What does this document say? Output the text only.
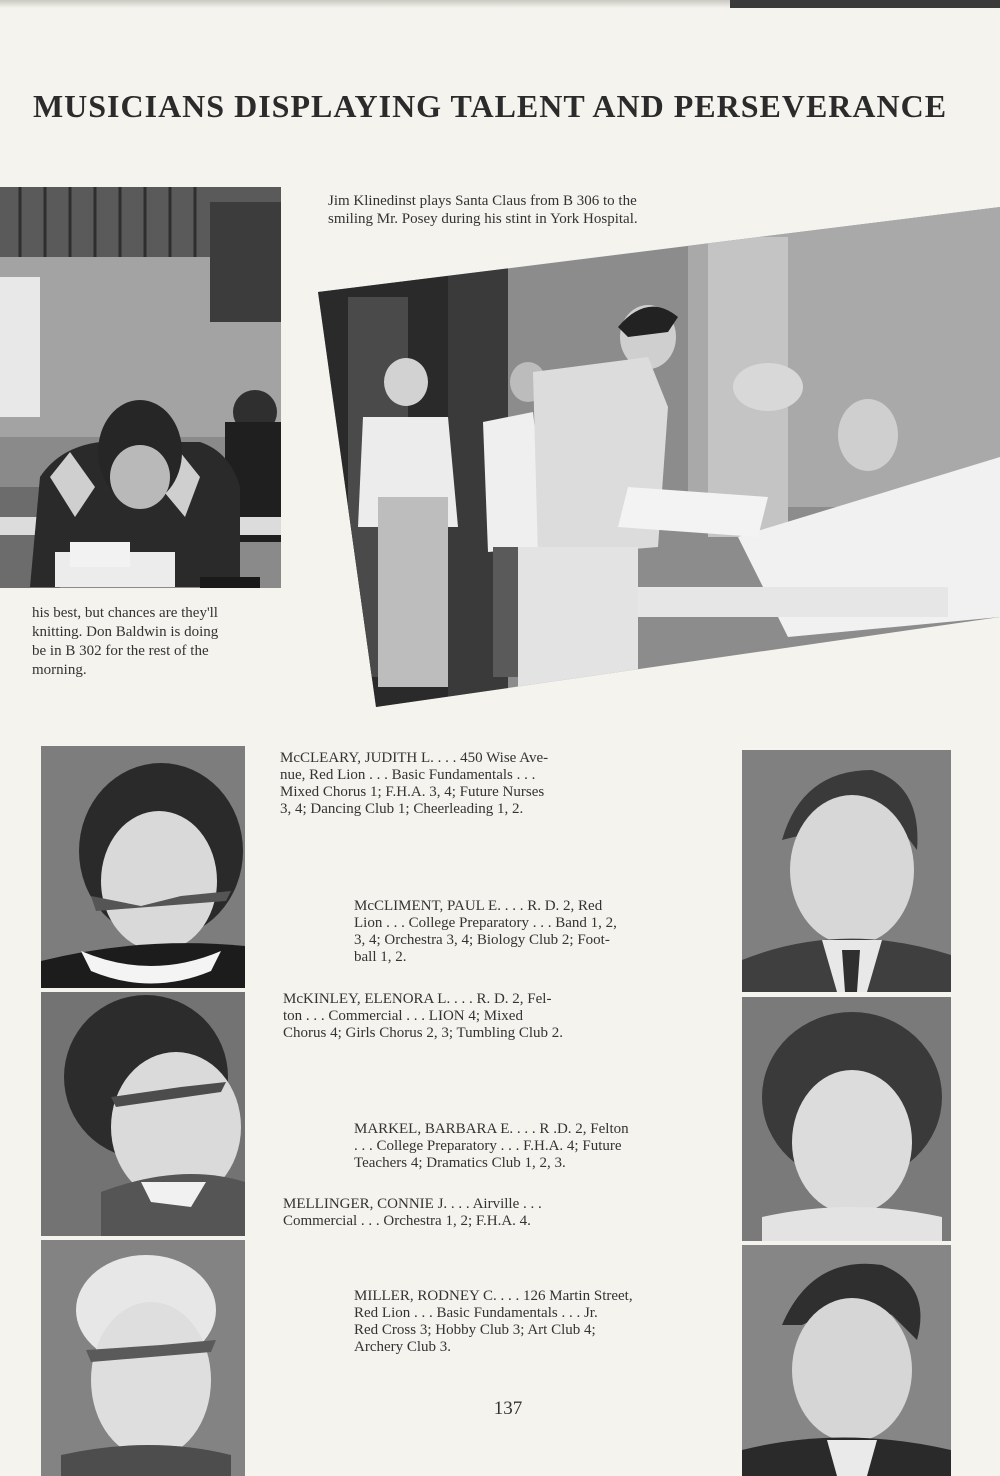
MUSICIANS DISPLAYING TALENT AND PERSEVERANCE

his best, but chances are they'll

knitting. Don Baldwin is doing

be in B 302 for the rest of the

morning.

Jim Klinedinst plays Santa Claus from B 306 to the

smiling Mr. Posey during his stint in York Hospital.

McCLEARY, JUDITH L. . . . 450 Wise Ave-
nue, Red Lion . . . Basic Fundamentals . . .
Mixed Chorus 1; F.H.A. 3, 4; Future Nurses
3, 4; Dancing Club 1; Cheerleading 1, 2.
McCLIMENT, PAUL E. . . . R. D. 2, Red
Lion . . . College Preparatory . . . Band 1, 2,
3, 4; Orchestra 3, 4; Biology Club 2; Foot-
ball 1, 2.
McKINLEY, ELENORA L. . . . R. D. 2, Fel-
ton . . . Commercial . . . LION 4; Mixed
Chorus 4; Girls Chorus 2, 3; Tumbling Club 2.
MARKEL, BARBARA E. . . . R .D. 2, Felton
. . . College Preparatory . . . F.H.A. 4; Future
Teachers 4; Dramatics Club 1, 2, 3.
MELLINGER, CONNIE J. . . . Airville . . .
Commercial . . . Orchestra 1, 2; F.H.A. 4.
MILLER, RODNEY C. . . . 126 Martin Street,
Red Lion . . . Basic Fundamentals . . . Jr.
Red Cross 3; Hobby Club 3; Art Club 4;
Archery Club 3.
137
